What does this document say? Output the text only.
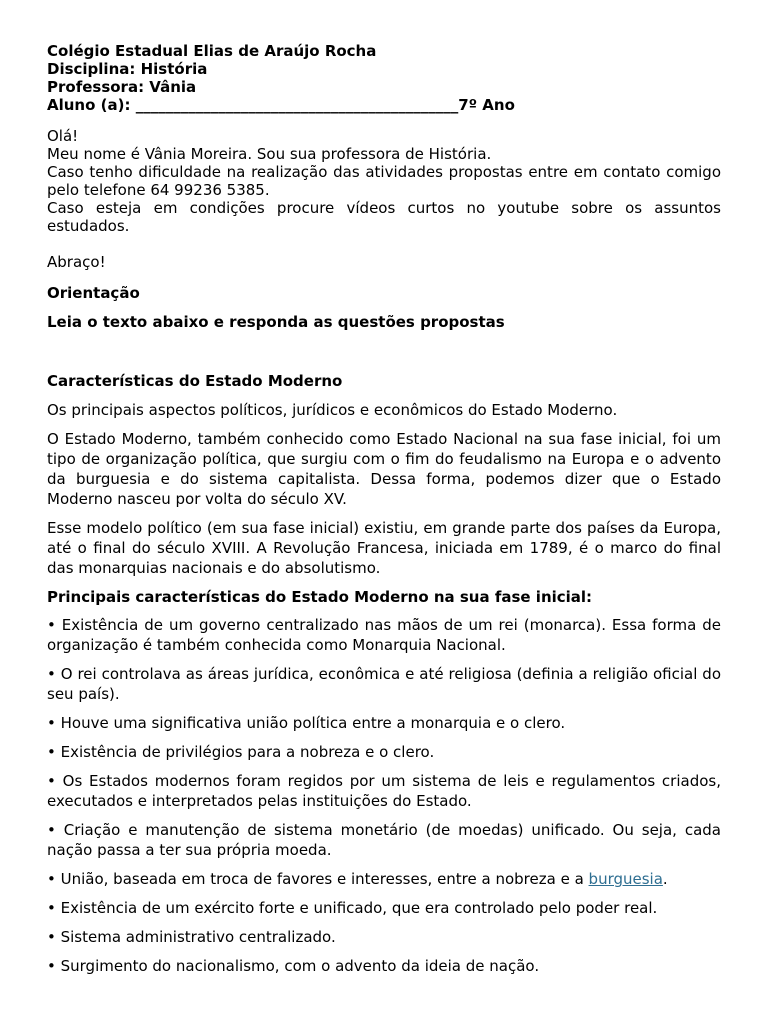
Colégio Estadual Elias de Araújo Rocha

Disciplina: História

Professora: Vânia

Aluno (a): ___________________________________________7º Ano

Olá!

Meu nome é Vânia Moreira. Sou sua professora de História.

Caso tenho dificuldade na realização das atividades propostas entre em contato comigo pelo telefone 64 99236 5385.

Caso esteja em condições procure vídeos curtos no youtube sobre os assuntos estudados.

Abraço!

Orientação

Leia o texto abaixo e responda as questões propostas

Características do Estado Moderno

Os principais aspectos políticos, jurídicos e econômicos do Estado Moderno.

O Estado Moderno, também conhecido como Estado Nacional na sua fase inicial, foi um tipo de organização política, que surgiu com o fim do feudalismo na Europa e o advento da burguesia e do sistema capitalista. Dessa forma, podemos dizer que o Estado Moderno nasceu por volta do século XV.

Esse modelo político (em sua fase inicial) existiu, em grande parte dos países da Europa, até o final do século XVIII. A Revolução Francesa, iniciada em 1789, é o marco do final das monarquias nacionais e do absolutismo.

Principais características do Estado Moderno na sua fase inicial:

• Existência de um governo centralizado nas mãos de um rei (monarca). Essa forma de organização é também conhecida como Monarquia Nacional.

• O rei controlava as áreas jurídica, econômica e até religiosa (definia a religião oficial do seu país).

• Houve uma significativa união política entre a monarquia e o clero.

• Existência de privilégios para a nobreza e o clero.

• Os Estados modernos foram regidos por um sistema de leis e regulamentos criados, executados e interpretados pelas instituições do Estado.

• Criação e manutenção de sistema monetário (de moedas) unificado. Ou seja, cada nação passa a ter sua própria moeda.

• União, baseada em troca de favores e interesses, entre a nobreza e a burguesia.

• Existência de um exército forte e unificado, que era controlado pelo poder real.

• Sistema administrativo centralizado.

• Surgimento do nacionalismo, com o advento da ideia de nação.
